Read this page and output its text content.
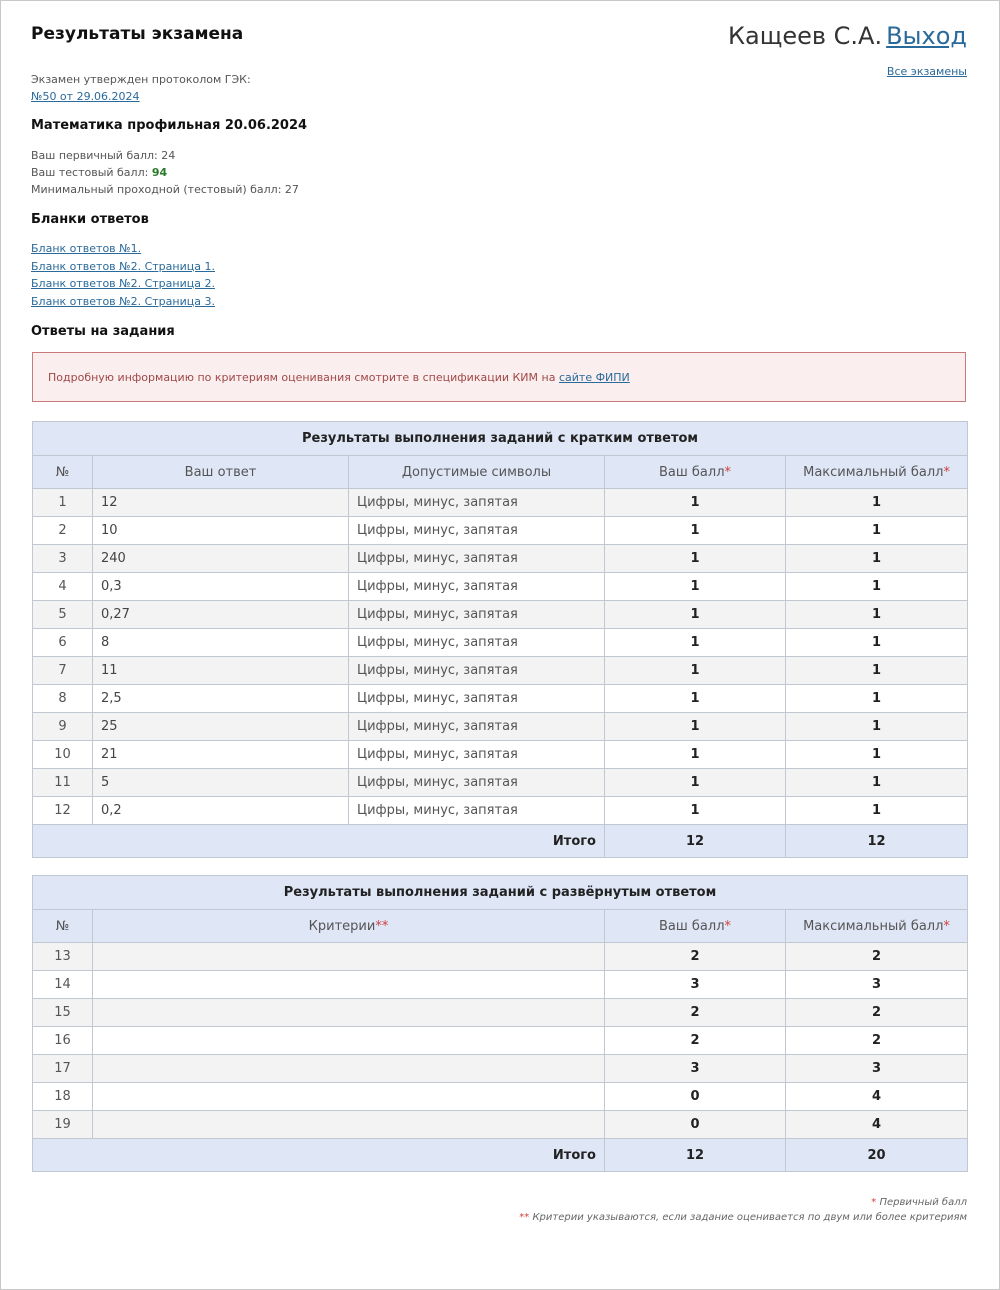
Результаты экзамена	Кащеев С.А. Выход
Все экзамены
Экзамен утвержден протоколом ГЭК:
№50 от 29.06.2024
Математика профильная 20.06.2024
Ваш первичный балл: 24
Ваш тестовый балл: 94
Минимальный проходной (тестовый) балл: 27
Бланки ответов
Бланк ответов №1.
Бланк ответов №2. Страница 1.
Бланк ответов №2. Страница 2.
Бланк ответов №2. Страница 3.
Ответы на задания
Подробную информацию по критериям оценивания смотрите в спецификации КИМ на сайте ФИПИ
Результаты выполнения заданий с кратким ответом				
№	Ваш ответ	Допустимые символы	Ваш балл*	Максимальный балл*
1	12	Цифры, минус, запятая	1	1
2	10	Цифры, минус, запятая	1	1
3	240	Цифры, минус, запятая	1	1
4	0,3	Цифры, минус, запятая	1	1
5	0,27	Цифры, минус, запятая	1	1
6	8	Цифры, минус, запятая	1	1
7	11	Цифры, минус, запятая	1	1
8	2,5	Цифры, минус, запятая	1	1
9	25	Цифры, минус, запятая	1	1
10	21	Цифры, минус, запятая	1	1
11	5	Цифры, минус, запятая	1	1
12	0,2	Цифры, минус, запятая	1	1
Итого			12	12
Результаты выполнения заданий с развёрнутым ответом			
№	Критерии**	Ваш балл*	Максимальный балл*
13		2	2
14		3	3
15		2	2
16		2	2
17		3	3
18		0	4
19		0	4
Итого		12	20
* Первичный балл
** Критерии указываются, если задание оценивается по двум или более критериям
